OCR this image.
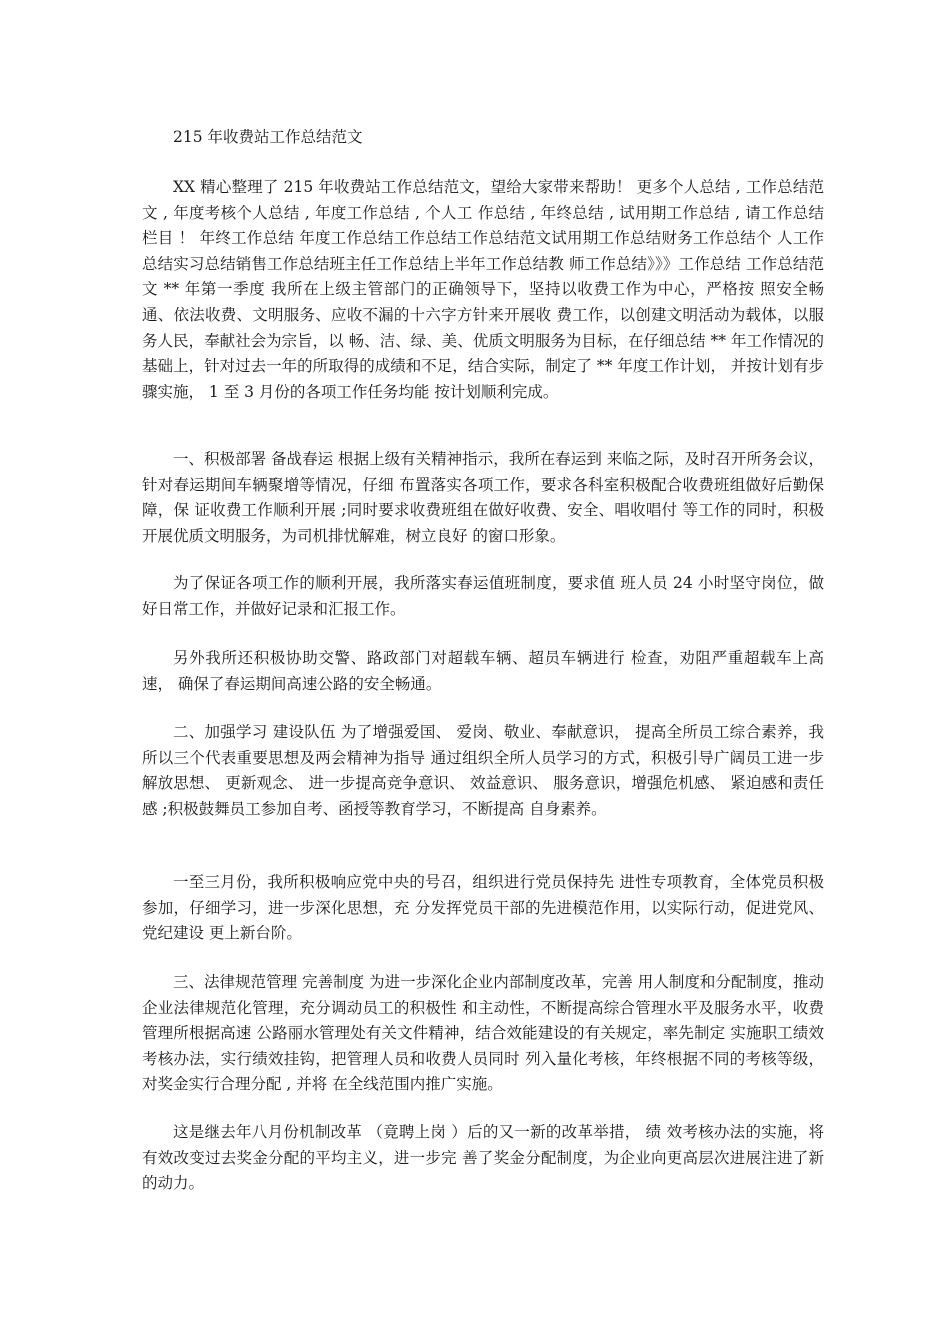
215 年收费站工作总结范文

XX 精心整理了 215 年收费站工作总结范文，望给大家带来帮助！ 更多个人总结 , 工作总结范文 , 年度考核个人总结 , 年度工作总结 , 个人工 作总结 , 年终总结 , 试用期工作总结 , 请工作总结栏目 ！ 年终工作总结 年度工作总结工作总结工作总结范文试用期工作总结财务工作总结个 人工作总结实习总结销售工作总结班主任工作总结上半年工作总结教 师工作总结》》》工作总结 工作总结范文 ** 年第一季度 我所在上级主管部门的正确领导下，坚持以收费工作为中心，严格按 照安全畅通、依法收费、文明服务、应收不漏的十六字方针来开展收 费工作，以创建文明活动为载体，以服务人民，奉献社会为宗旨，以 畅、洁、绿、美、优质文明服务为目标，在仔细总结 ** 年工作情况的 基础上，针对过去一年的所取得的成绩和不足，结合实际，制定了 ** 年度工作计划， 并按计划有步骤实施， 1 至 3 月份的各项工作任务均能 按计划顺利完成。

一、积极部署 备战春运 根据上级有关精神指示，我所在春运到 来临之际，及时召开所务会议，针对春运期间车辆聚增等情况，仔细 布置落实各项工作，要求各科室积极配合收费班组做好后勤保障，保 证收费工作顺利开展 ;同时要求收费班组在做好收费、安全、唱收唱付 等工作的同时，积极开展优质文明服务，为司机排忧解难，树立良好 的窗口形象。

为了保证各项工作的顺利开展，我所落实春运值班制度，要求值 班人员 24 小时坚守岗位，做好日常工作，并做好记录和汇报工作。

另外我所还积极协助交警、路政部门对超载车辆、超员车辆进行 检查，劝阻严重超载车上高速， 确保了春运期间高速公路的安全畅通。

二、加强学习 建设队伍 为了增强爱国、 爱岗、敬业、奉献意识， 提高全所员工综合素养，我所以三个代表重要思想及两会精神为指导 通过组织全所人员学习的方式，积极引导广阔员工进一步解放思想、 更新观念、 进一步提高竞争意识、 效益意识、 服务意识，增强危机感、 紧迫感和责任感 ;积极鼓舞员工参加自考、函授等教育学习，不断提高 自身素养。

一至三月份，我所积极响应党中央的号召，组织进行党员保持先 进性专项教育，全体党员积极参加，仔细学习，进一步深化思想，充 分发挥党员干部的先进模范作用，以实际行动，促进党风、党纪建设 更上新台阶。

三、法律规范管理 完善制度 为进一步深化企业内部制度改革，完善 用人制度和分配制度，推动企业法律规范化管理，充分调动员工的积极性 和主动性，不断提高综合管理水平及服务水平，收费管理所根据高速 公路丽水管理处有关文件精神，结合效能建设的有关规定，率先制定 实施职工绩效考核办法，实行绩效挂钩，把管理人员和收费人员同时 列入量化考核，年终根据不同的考核等级，对奖金实行合理分配 , 并将 在全线范围内推广实施。

这是继去年八月份机制改革 （竟聘上岗 ）后的又一新的改革举措， 绩 效考核办法的实施，将有效改变过去奖金分配的平均主义，进一步完 善了奖金分配制度，为企业向更高层次进展注进了新的动力。
